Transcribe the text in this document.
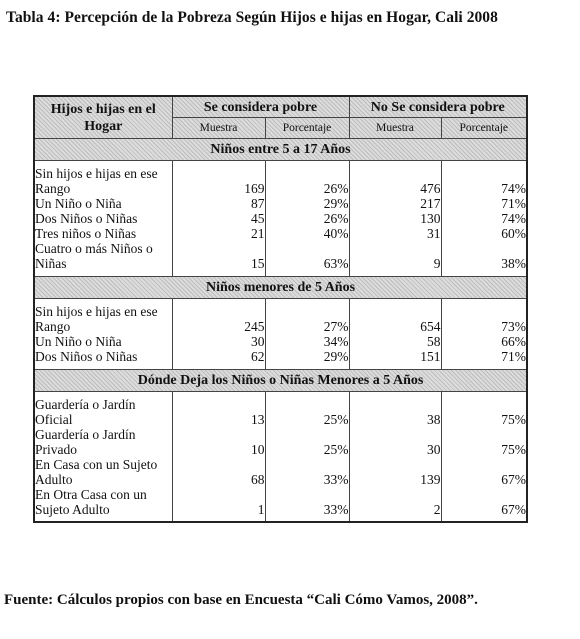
Tabla 4: Percepción de la Pobreza Según Hijos e hijas en Hogar, Cali 2008
Hijos e hijas en el Hogar	Se considera pobre		No Se considera pobre	
	Muestra	Porcentaje	Muestra	Porcentaje
Niños entre 5 a 17 Años				

Sin hijos e hijas en ese Rango	169	26%	476	74%
Un Niño o Niña	87	29%	217	71%
Dos Niños o Niñas	45	26%	130	74%
Tres niños o Niñas	21	40%	31	60%
Cuatro o más Niños o Niñas	15	63%	9	38%

Niños menores de 5 Años				

Sin hijos e hijas en ese Rango	245	27%	654	73%
Un Niño o Niña	30	34%	58	66%
Dos Niños o Niñas	62	29%	151	71%

Dónde Deja los Niños o Niñas Menores a 5 Años				

Guardería o Jardín Oficial	13	25%	38	75%
Guardería o Jardín Privado	10	25%	30	75%
En Casa con un Sujeto Adulto	68	33%	139	67%
En Otra Casa con un Sujeto Adulto	1	33%	2	67%

Fuente: Cálculos propios con base en Encuesta “Cali Cómo Vamos, 2008”.
